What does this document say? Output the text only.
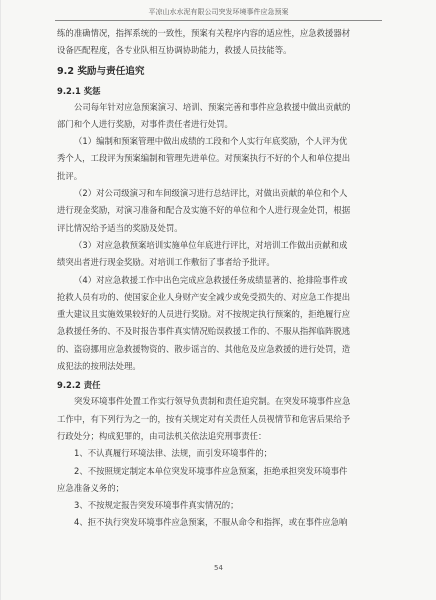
平凉山水水泥有限公司突发环境事件应急预案

练的准确情况，指挥系统的一致性，预案有关程序内容的适应性，应急救援器材

设备匹配程度，各专业队相互协调协助能力，救援人员技能等。

9.2 奖励与责任追究
9.2.1 奖惩

公司每年针对应急预案演习、培训、预案完善和事件应急救援中做出贡献的

部门和个人进行奖励，对事件责任者进行处罚。

（1）编制和预案管理中做出成绩的工段和个人实行年底奖励，个人评为优

秀个人，工段评为预案编制和管理先进单位。对预案执行不好的个人和单位提出

批评。

（2）对公司级演习和车间级演习进行总结评比，对做出贡献的单位和个人

进行现金奖励，对演习准备和配合及实施不好的单位和个人进行现金处罚，根据

评比情况给予适当的奖励及处罚。

（3）对应急救预案培训实施单位年底进行评比，对培训工作做出贡献和成

绩突出者进行现金奖励。对培训工作敷衍了事者给予批评。

（4）对应急救援工作中出色完成应急救援任务成绩显著的、抢排险事件或

抢救人员有功的、使国家企业人身财产安全减少或免受损失的、对应急工作提出

重大建议且实施效果较好的人员进行奖励。对不按规定执行预案的，拒绝履行应

急救援任务的、不及时报告事件真实情况贻误救援工作的、不服从指挥临阵脱逃

的、盗窃挪用应急救援物资的、散步谣言的、其他危及应急救援的进行处罚，造

成犯法的按刑法处理。

9.2.2 责任

突发环境事件处置工作实行领导负责制和责任追究制。在突发环境事件应急

工作中，有下列行为之一的，按有关规定对有关责任人员视情节和危害后果给予

行政处分；构成犯罪的，由司法机关依法追究刑事责任：

1、不认真履行环境法律、法规，而引发环境事件的；

2、不按照规定制定本单位突发环境事件应急预案，拒绝承担突发环境事件

应急准备义务的；

3、不按规定报告突发环境事件真实情况的；

4、拒不执行突发环境事件应急预案，不服从命令和指挥，或在事件应急响

54
